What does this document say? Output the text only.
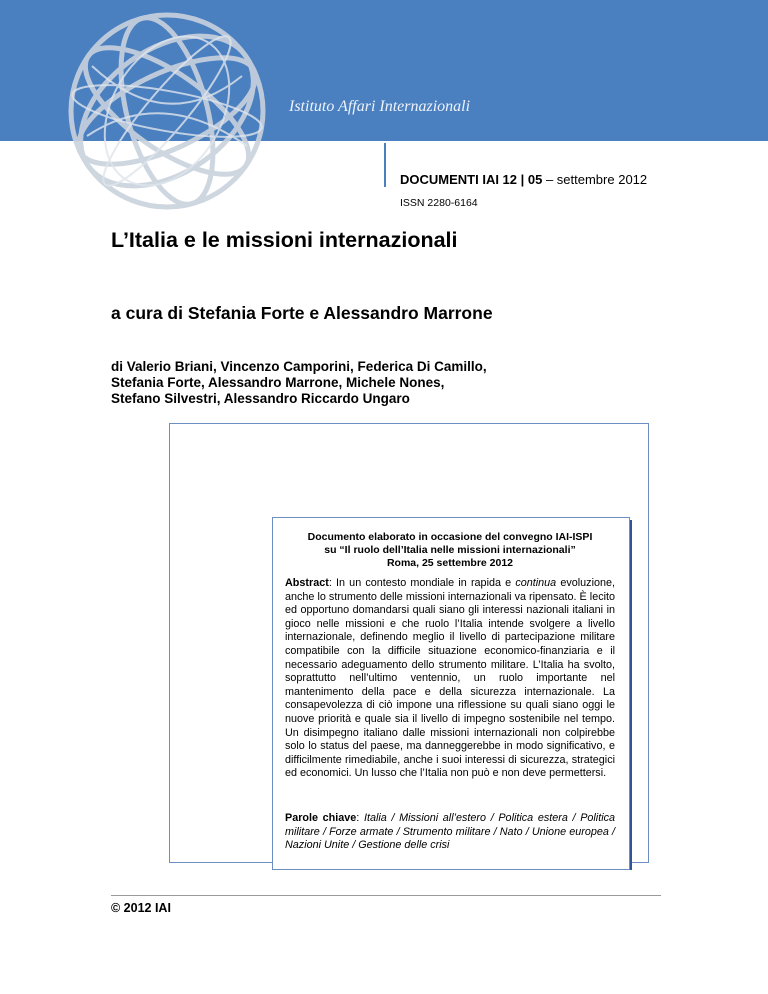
Istituto Affari Internazionali
DOCUMENTI IAI 12 | 05 – settembre 2012
ISSN 2280-6164
L’Italia e le missioni internazionali
a cura di Stefania Forte e Alessandro Marrone

di Valerio Briani, Vincenzo Camporini, Federica Di Camillo,
Stefania Forte, Alessandro Marrone, Michele Nones,
Stefano Silvestri, Alessandro Riccardo Ungaro

Documento elaborato in occasione del convegno IAI-ISPI
su “Il ruolo dell’Italia nelle missioni internazionali”
Roma, 25 settembre 2012

Abstract: In un contesto mondiale in rapida e continua evoluzione, anche lo strumento delle missioni internazionali va ripensato. È lecito ed opportuno domandarsi quali siano gli interessi nazionali italiani in gioco nelle missioni e che ruolo l’Italia intende svolgere a livello internazionale, definendo meglio il livello di partecipazione militare compatibile con la difficile situazione economico-finanziaria e il necessario adeguamento dello strumento militare. L’Italia ha svolto, soprattutto nell’ultimo ventennio, un ruolo importante nel mantenimento della pace e della sicurezza internazionale. La consapevolezza di ciò impone una riflessione su quali siano oggi le nuove priorità e quale sia il livello di impegno sostenibile nel tempo. Un disimpegno italiano dalle missioni internazionali non colpirebbe solo lo status del paese, ma danneggerebbe in modo significativo, e difficilmente rimediabile, anche i suoi interessi di sicurezza, strategici ed economici. Un lusso che l’Italia non può e non deve permettersi.

Parole chiave: Italia / Missioni all’estero / Politica estera / Politica militare / Forze armate / Strumento militare / Nato / Unione europea / Nazioni Unite / Gestione delle crisi

© 2012 IAI
